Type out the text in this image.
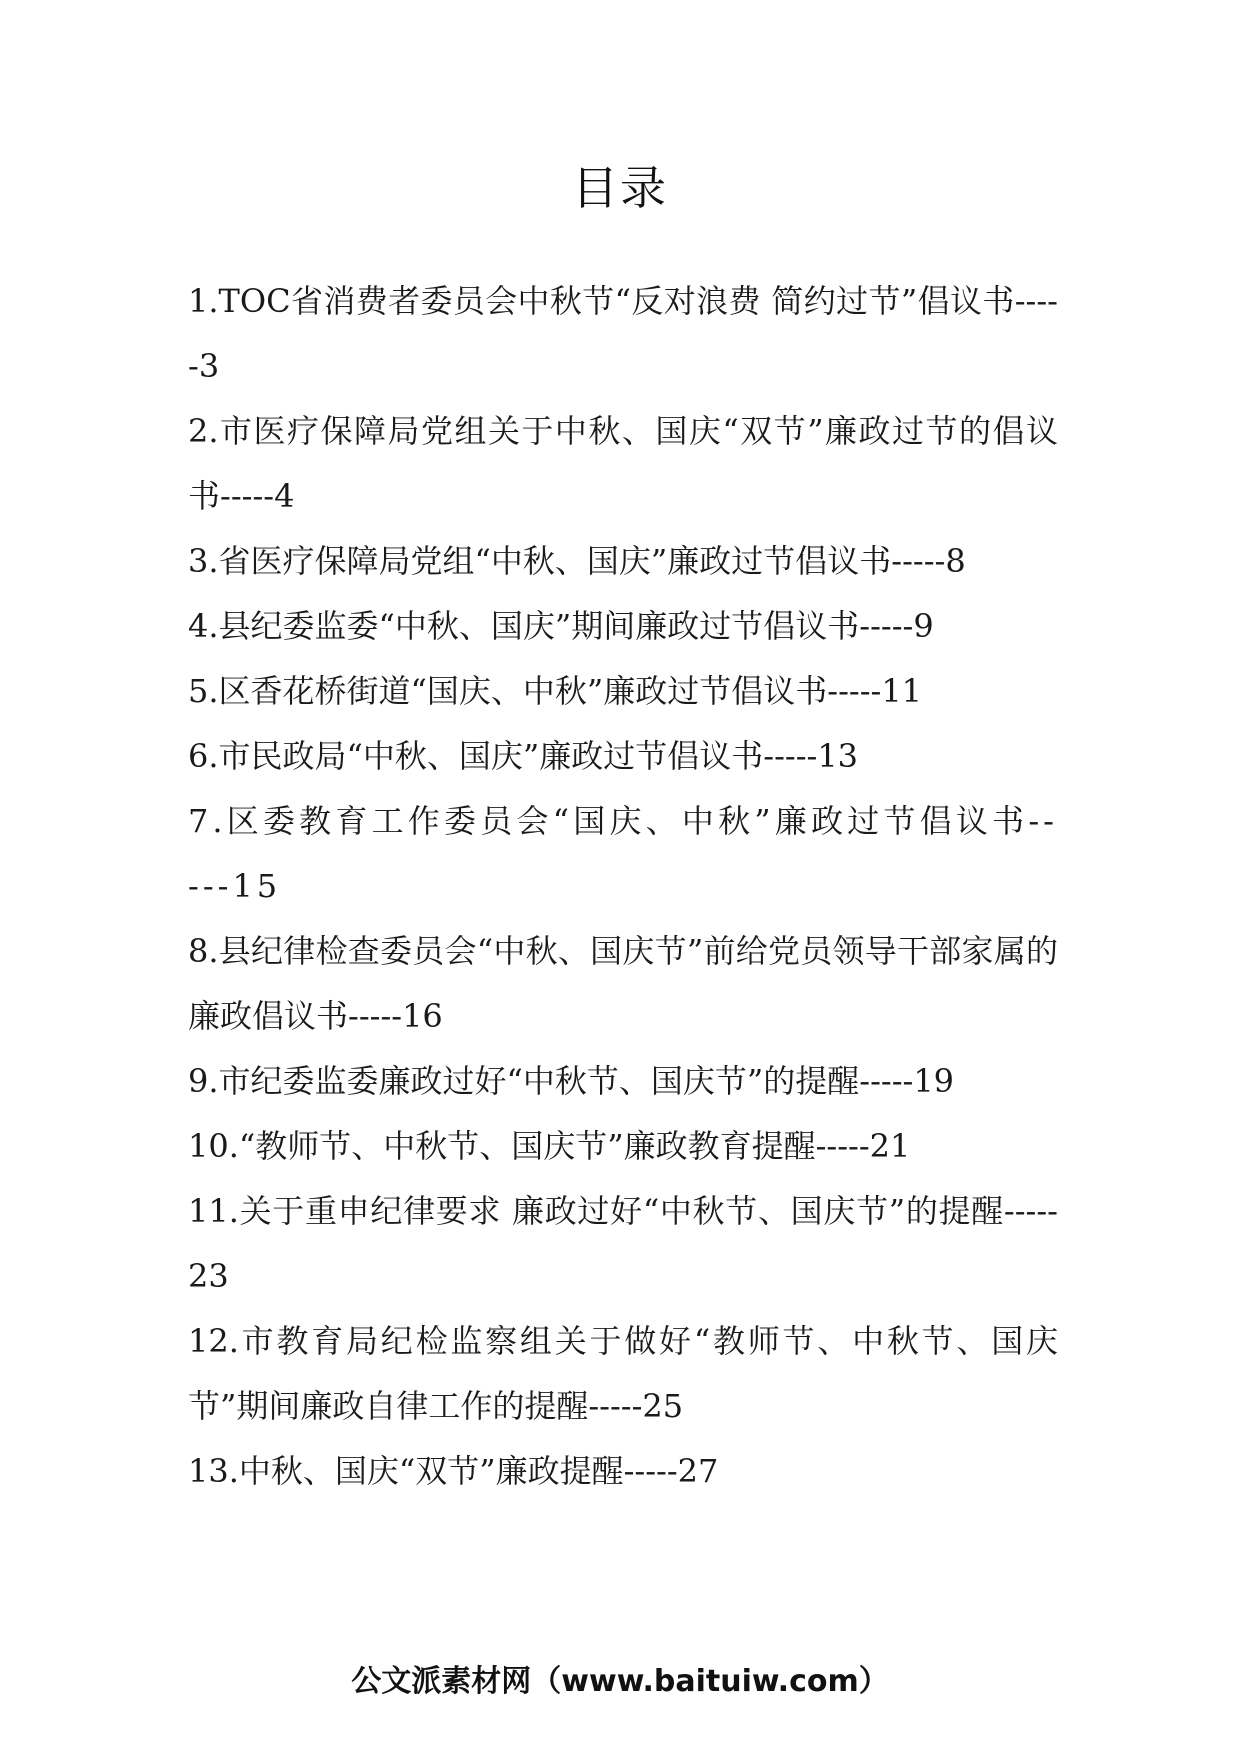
目录
1.TOC省消费者委员会中秋节“反对浪费 简约过节”倡议书-----3
2.市医疗保障局党组关于中秋、国庆“双节”廉政过节的倡议书-----4
3.省医疗保障局党组“中秋、国庆”廉政过节倡议书-----8
4.县纪委监委“中秋、国庆”期间廉政过节倡议书-----9
5.区香花桥街道“国庆、中秋”廉政过节倡议书-----11
6.市民政局“中秋、国庆”廉政过节倡议书-----13
7.区委教育工作委员会“国庆、中秋”廉政过节倡议书-----15
8.县纪律检查委员会“中秋、国庆节”前给党员领导干部家属的廉政倡议书-----16
9.市纪委监委廉政过好“中秋节、国庆节”的提醒-----19
10.“教师节、中秋节、国庆节”廉政教育提醒-----21
11.关于重申纪律要求 廉政过好“中秋节、国庆节”的提醒-----23
12.市教育局纪检监察组关于做好“教师节、中秋节、国庆节”期间廉政自律工作的提醒-----25
13.中秋、国庆“双节”廉政提醒-----27
公文派素材网（www.baituiw.com）
